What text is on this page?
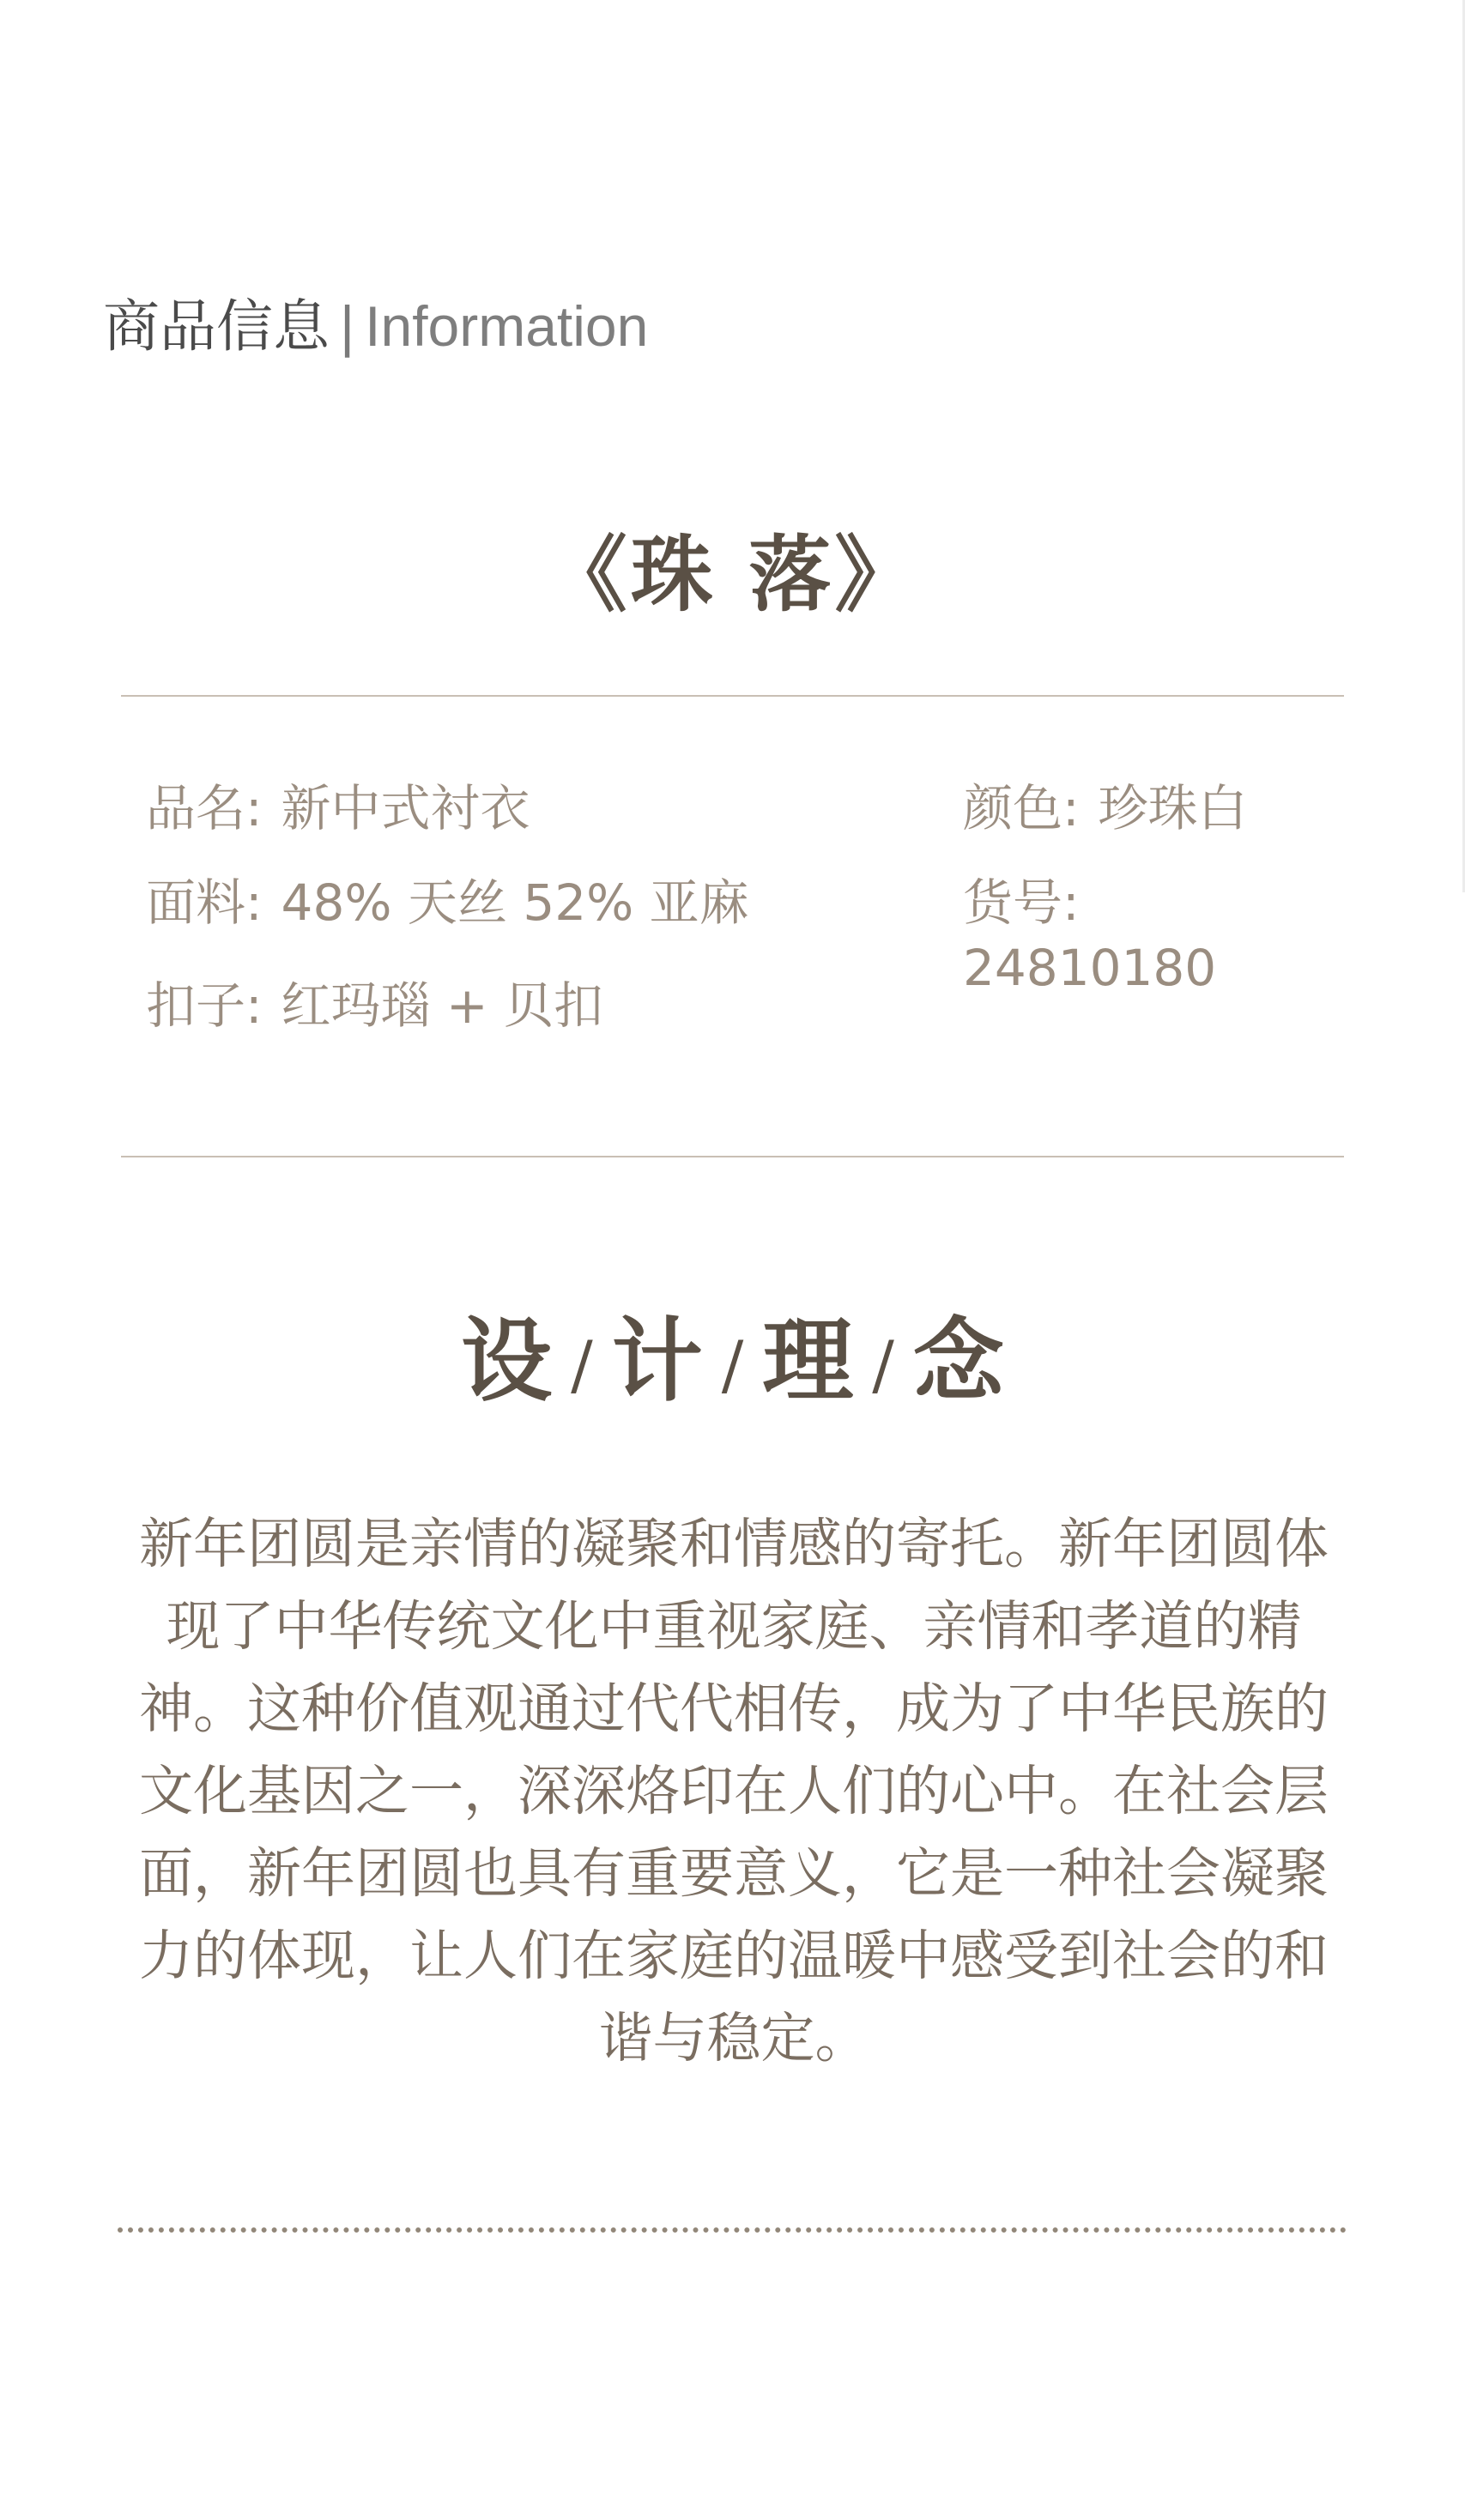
商品信息 | Information
《珠 落》
品名: 新中式衬衣
面料: 48% 天丝 52% 亚麻
扣子: 红玛瑙 + 贝扣
颜色: 珍珠白
货号:
24810180
设 / 计 / 理 / 念

新年团圆是亲情的凝聚和情感的寄托。新年团圆体现了中华传统文化中重视家庭、亲情和孝道的精神。这种价值观通过代代相传，成为了中华民族的文化基因之一，深深烙印在人们的心中。在社会层面，新年团圆也具有重要意义，它是一种社会凝聚力的体现，让人们在家庭的温暖中感受到社会的和谐与稳定。
